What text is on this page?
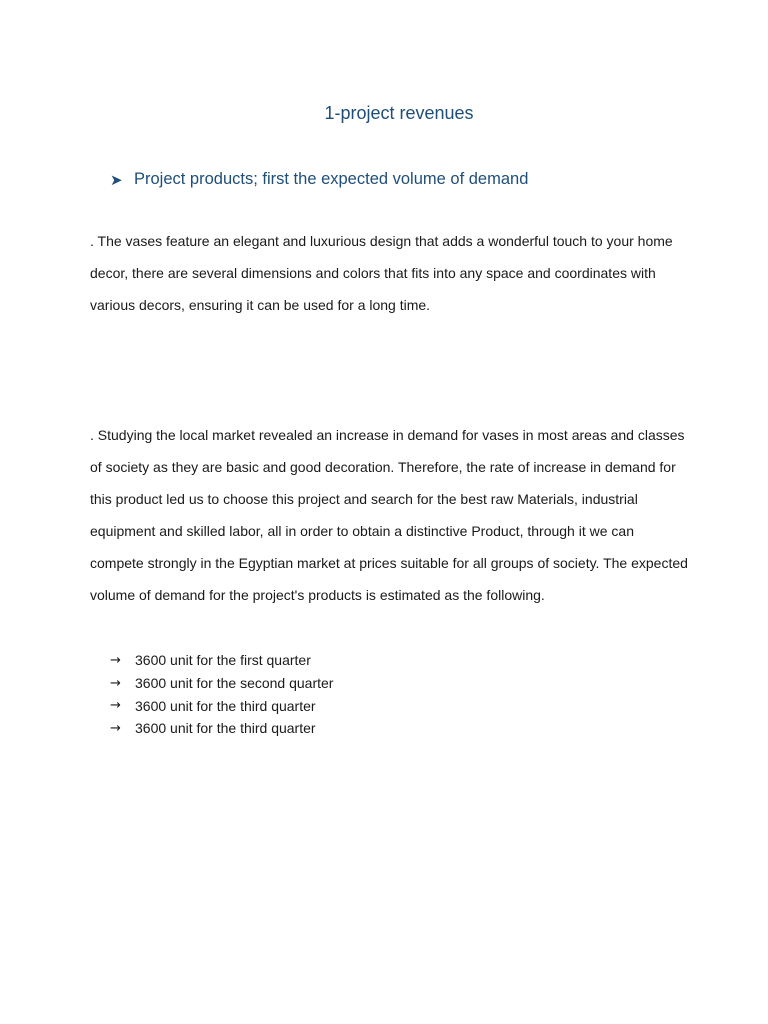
1-project revenues
➤ Project products; first the expected volume of demand

. The vases feature an elegant and luxurious design that adds a wonderful touch to your home decor, there are several dimensions and colors that fits into any space and coordinates with various decors, ensuring it can be used for a long time.

. Studying the local market revealed an increase in demand for vases in most areas and classes of society as they are basic and good decoration. Therefore, the rate of increase in demand for this product led us to choose this project and search for the best raw Materials, industrial equipment and skilled labor, all in order to obtain a distinctive Product, through it we can compete strongly in the Egyptian market at prices suitable for all groups of society. The expected volume of demand for the project's products is estimated as the following.

→	3600 unit for the first quarter
→	3600 unit for the second quarter
→	3600 unit for the third quarter
→	3600 unit for the third quarter
